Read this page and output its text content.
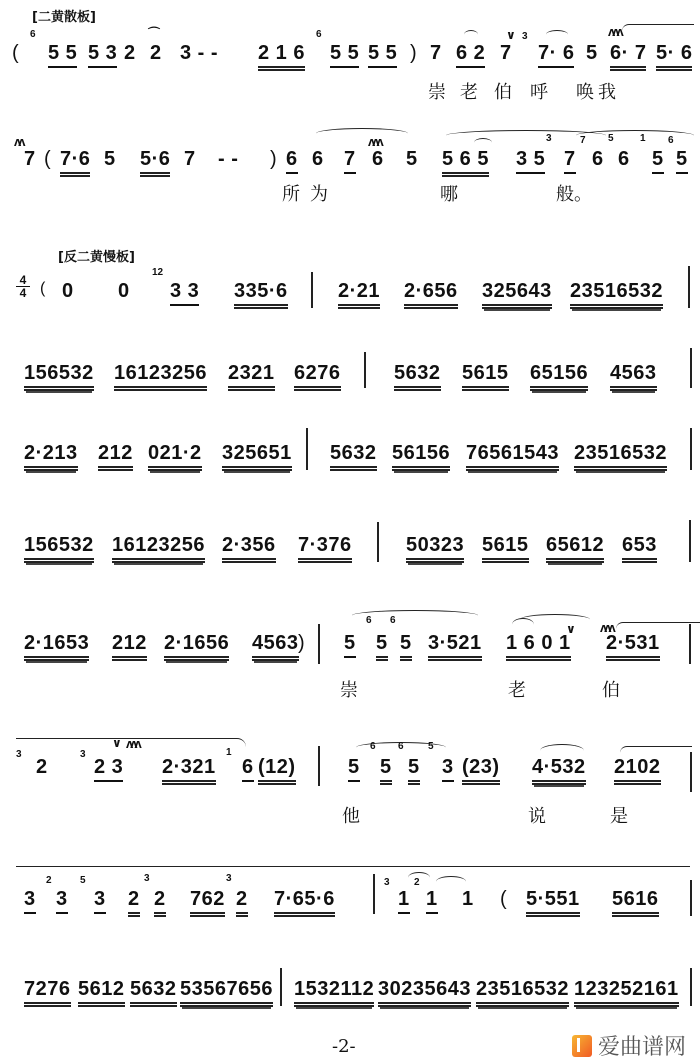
[二黄散板]
(
6
5 5 5 3 2
⌒
2 3 - - 2 1 6
6
5 5 5 5 ) 7 6 2
∨
7
3
7· 6 5
ʌʌʌ
6· 7 5· 6
崇 老 伯 呼 唤我
ʌʌ
7 ( 7·6 5 5·6 7 - - ) 6 6 7
ʌʌʌ
6 5 5 6 5 3 5
3
7
7
6
5
6
1
5
6
5
所为	哪	般。
[反二黄慢板]
4
4 ( 0 0
12
3 3 335·6	2·21 2·656 325643 23516532
156532 16123256 2321 6276	5632 5615 65156 4563
2·213 212 021·2 325651 5632 56156 76561543 23516532
156532 16123256 2·356 7·376	50323 5615 65612 653
2·1653 212 2·1656 4563 ) 5
6
5
6
5 3·521
∨
1 6 0 1
ʌʌʌ
2·531
崇	老	伯
3
2
3
∨ ʌʌʌ
2 3 2·321
1
6 (12)	5
6
5
6
5
5
3 (23) 4·532 2102
他	说	是
3
2
3
5
3 2
3
2 762
3
2 7·65·6
3
1
2
1 1 ( 5·551 5616
7276 5612 5632 53567656 1532112 30235643 23516532 123252161
-2-	爱曲谱网
